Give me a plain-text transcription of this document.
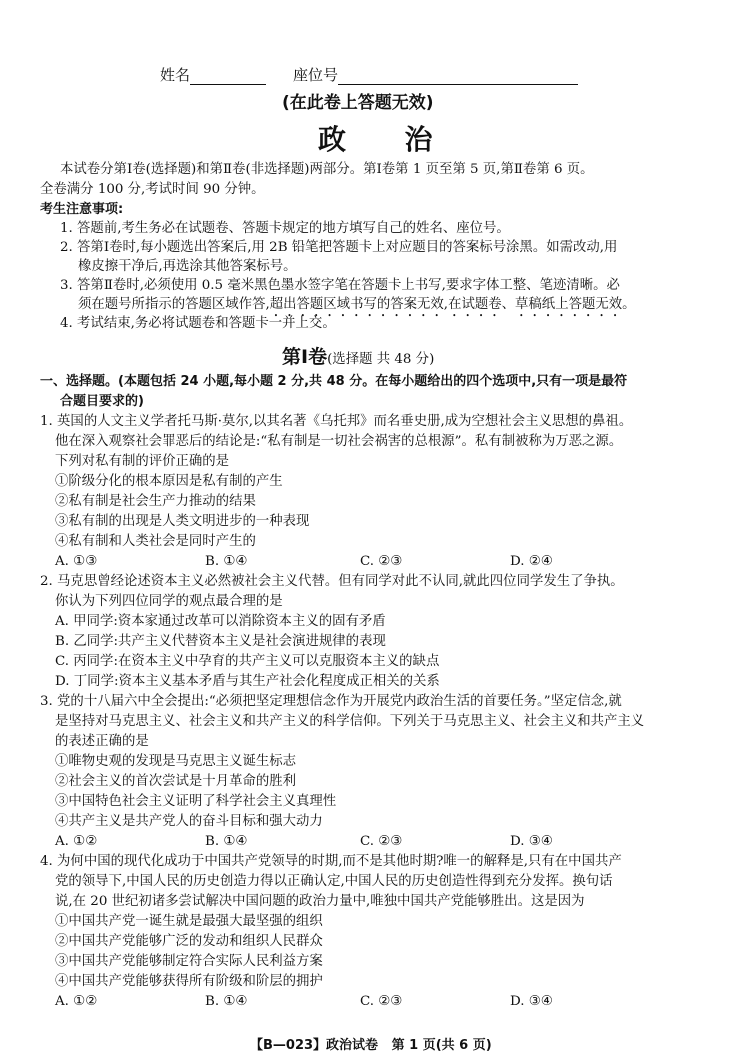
姓名	座位号
(在此卷上答题无效)
政      治
本试卷分第Ⅰ卷(选择题)和第Ⅱ卷(非选择题)两部分。第Ⅰ卷第 1 页至第 5 页,第Ⅱ卷第 6 页。
全卷满分 100 分,考试时间 90 分钟。
考生注意事项:
1. 答题前,考生务必在试题卷、答题卡规定的地方填写自己的姓名、座位号。
2. 答第Ⅰ卷时,每小题选出答案后,用 2B 铅笔把答题卡上对应题目的答案标号涂黑。如需改动,用
橡皮擦干净后,再选涂其他答案标号。
3. 答第Ⅱ卷时,必须使用 0.5 毫米黑色墨水签字笔在答题卡上书写,要求字体工整、笔迹清晰。必
须在题号所指示的答题区域作答,超出答题区域书写的答案无效,在试题卷、草稿纸上答题无效。
4. 考试结束,务必将试题卷和答题卡一并上交。
第Ⅰ卷(选择题 共 48 分)
一、选择题。(本题包括 24 小题,每小题 2 分,共 48 分。在每小题给出的四个选项中,只有一项是最符
合题目要求的)
1. 英国的人文主义学者托马斯·莫尔,以其名著《乌托邦》而名垂史册,成为空想社会主义思想的鼻祖。
他在深入观察社会罪恶后的结论是:“私有制是一切社会祸害的总根源”。私有制被称为万恶之源。
下列对私有制的评价正确的是
①阶级分化的根本原因是私有制的产生
②私有制是社会生产力推动的结果
③私有制的出现是人类文明进步的一种表现
④私有制和人类社会是同时产生的
A. ①③	B. ①④	C. ②③	D. ②④
2. 马克思曾经论述资本主义必然被社会主义代替。但有同学对此不认同,就此四位同学发生了争执。
你认为下列四位同学的观点最合理的是
A. 甲同学:资本家通过改革可以消除资本主义的固有矛盾
B. 乙同学:共产主义代替资本主义是社会演进规律的表现
C. 丙同学:在资本主义中孕育的共产主义可以克服资本主义的缺点
D. 丁同学:资本主义基本矛盾与其生产社会化程度成正相关的关系
3. 党的十八届六中全会提出:“必须把坚定理想信念作为开展党内政治生活的首要任务。”坚定信念,就
是坚持对马克思主义、社会主义和共产主义的科学信仰。下列关于马克思主义、社会主义和共产主义
的表述正确的是
①唯物史观的发现是马克思主义诞生标志
②社会主义的首次尝试是十月革命的胜利
③中国特色社会主义证明了科学社会主义真理性
④共产主义是共产党人的奋斗目标和强大动力
A. ①②	B. ①④	C. ②③	D. ③④
4. 为何中国的现代化成功于中国共产党领导的时期,而不是其他时期?唯一的解释是,只有在中国共产
党的领导下,中国人民的历史创造力得以正确认定,中国人民的历史创造性得到充分发挥。换句话
说,在 20 世纪初诸多尝试解决中国问题的政治力量中,唯独中国共产党能够胜出。这是因为
①中国共产党一诞生就是最强大最坚强的组织
②中国共产党能够广泛的发动和组织人民群众
③中国共产党能够制定符合实际人民利益方案
④中国共产党能够获得所有阶级和阶层的拥护
A. ①②	B. ①④	C. ②③	D. ③④
【B—023】政治试卷   第 1 页(共 6 页)
